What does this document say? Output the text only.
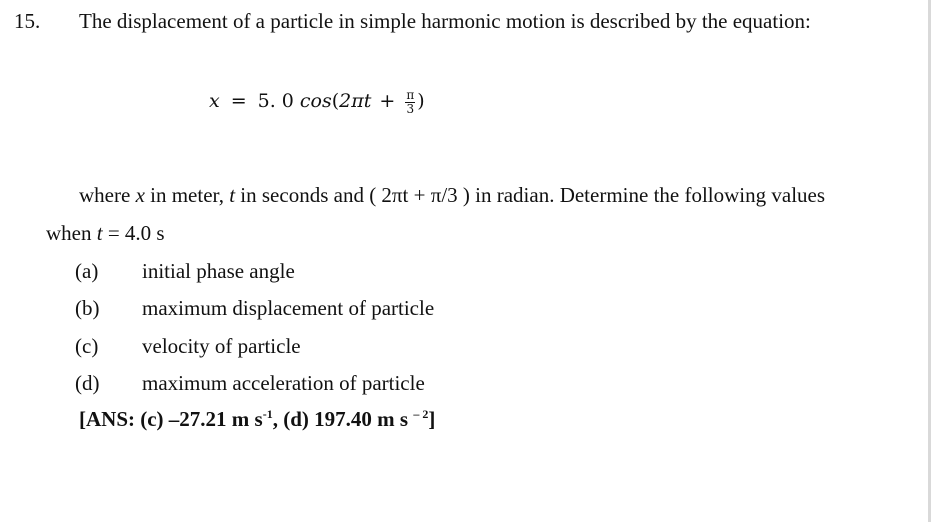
15. The displacement of a particle in simple harmonic motion is described by the equation:
x = 5. 0 cos ( $2\pi t + \frac{\pi}{3}$ )
where x in meter, t in seconds and ( 2πt + π/3 ) in radian. Determine the following values
when t = 4.0 s
(a) initial phase angle
(b) maximum displacement of particle
(c) velocity of particle
(d) maximum acceleration of particle
[ANS: (c) –27.21 m $s^{-1}$, (d) 197.40 m s $^{- 2}$]
